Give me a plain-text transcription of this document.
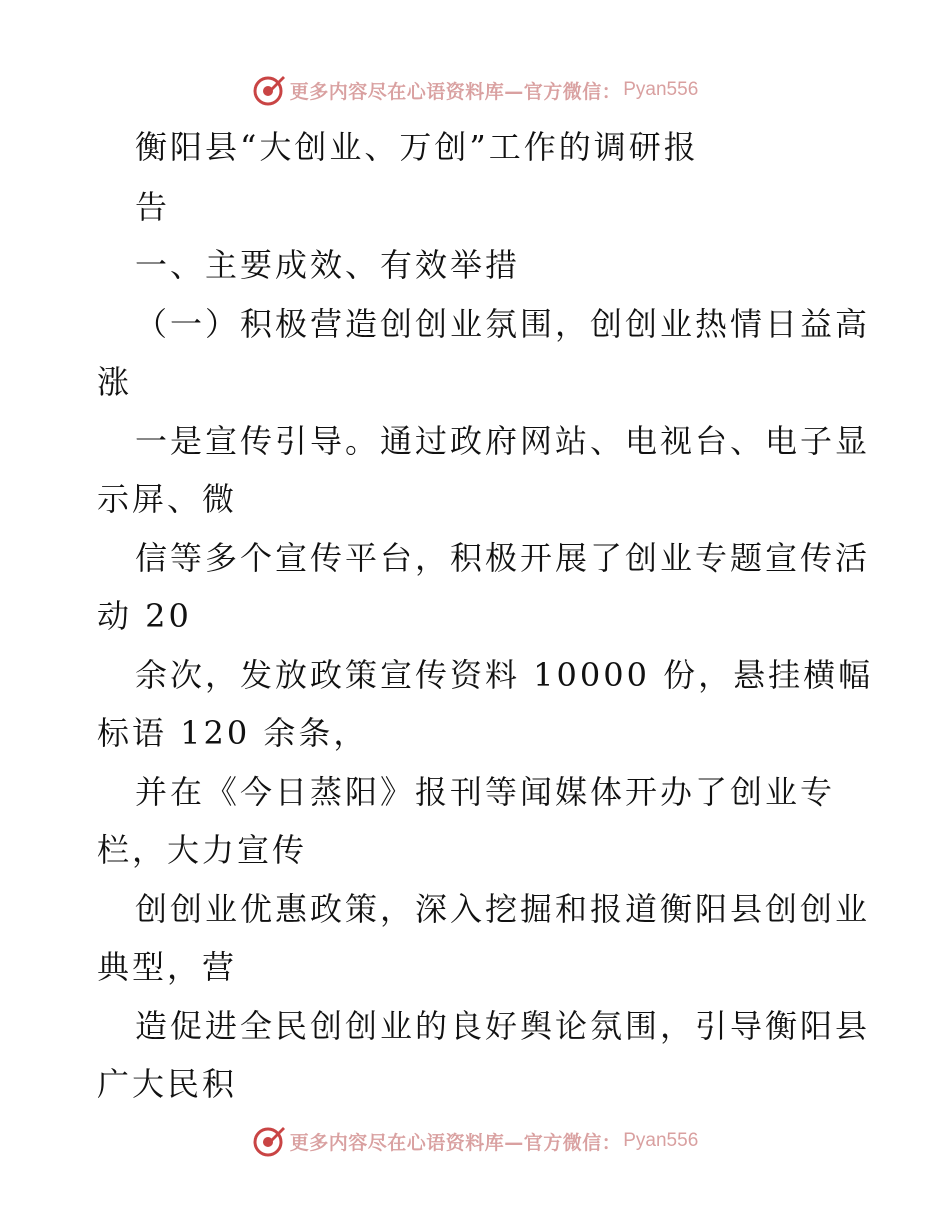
更多内容尽在心语资料库—官方微信： Pyan556
衡阳县“大创业、万创”工作的调研报
告
一、主要成效、有效举措
（一）积极营造创创业氛围，创创业热情日益高
涨
一是宣传引导。通过政府网站、电视台、电子显
示屏、微
信等多个宣传平台，积极开展了创业专题宣传活
动 20
余次，发放政策宣传资料 10000 份，悬挂横幅
标语 120 余条，
并在《今日蒸阳》报刊等闻媒体开办了创业专
栏，大力宣传
创创业优惠政策，深入挖掘和报道衡阳县创创业
典型，营
造促进全民创创业的良好舆论氛围，引导衡阳县
广大民积
更多内容尽在心语资料库—官方微信： Pyan556
